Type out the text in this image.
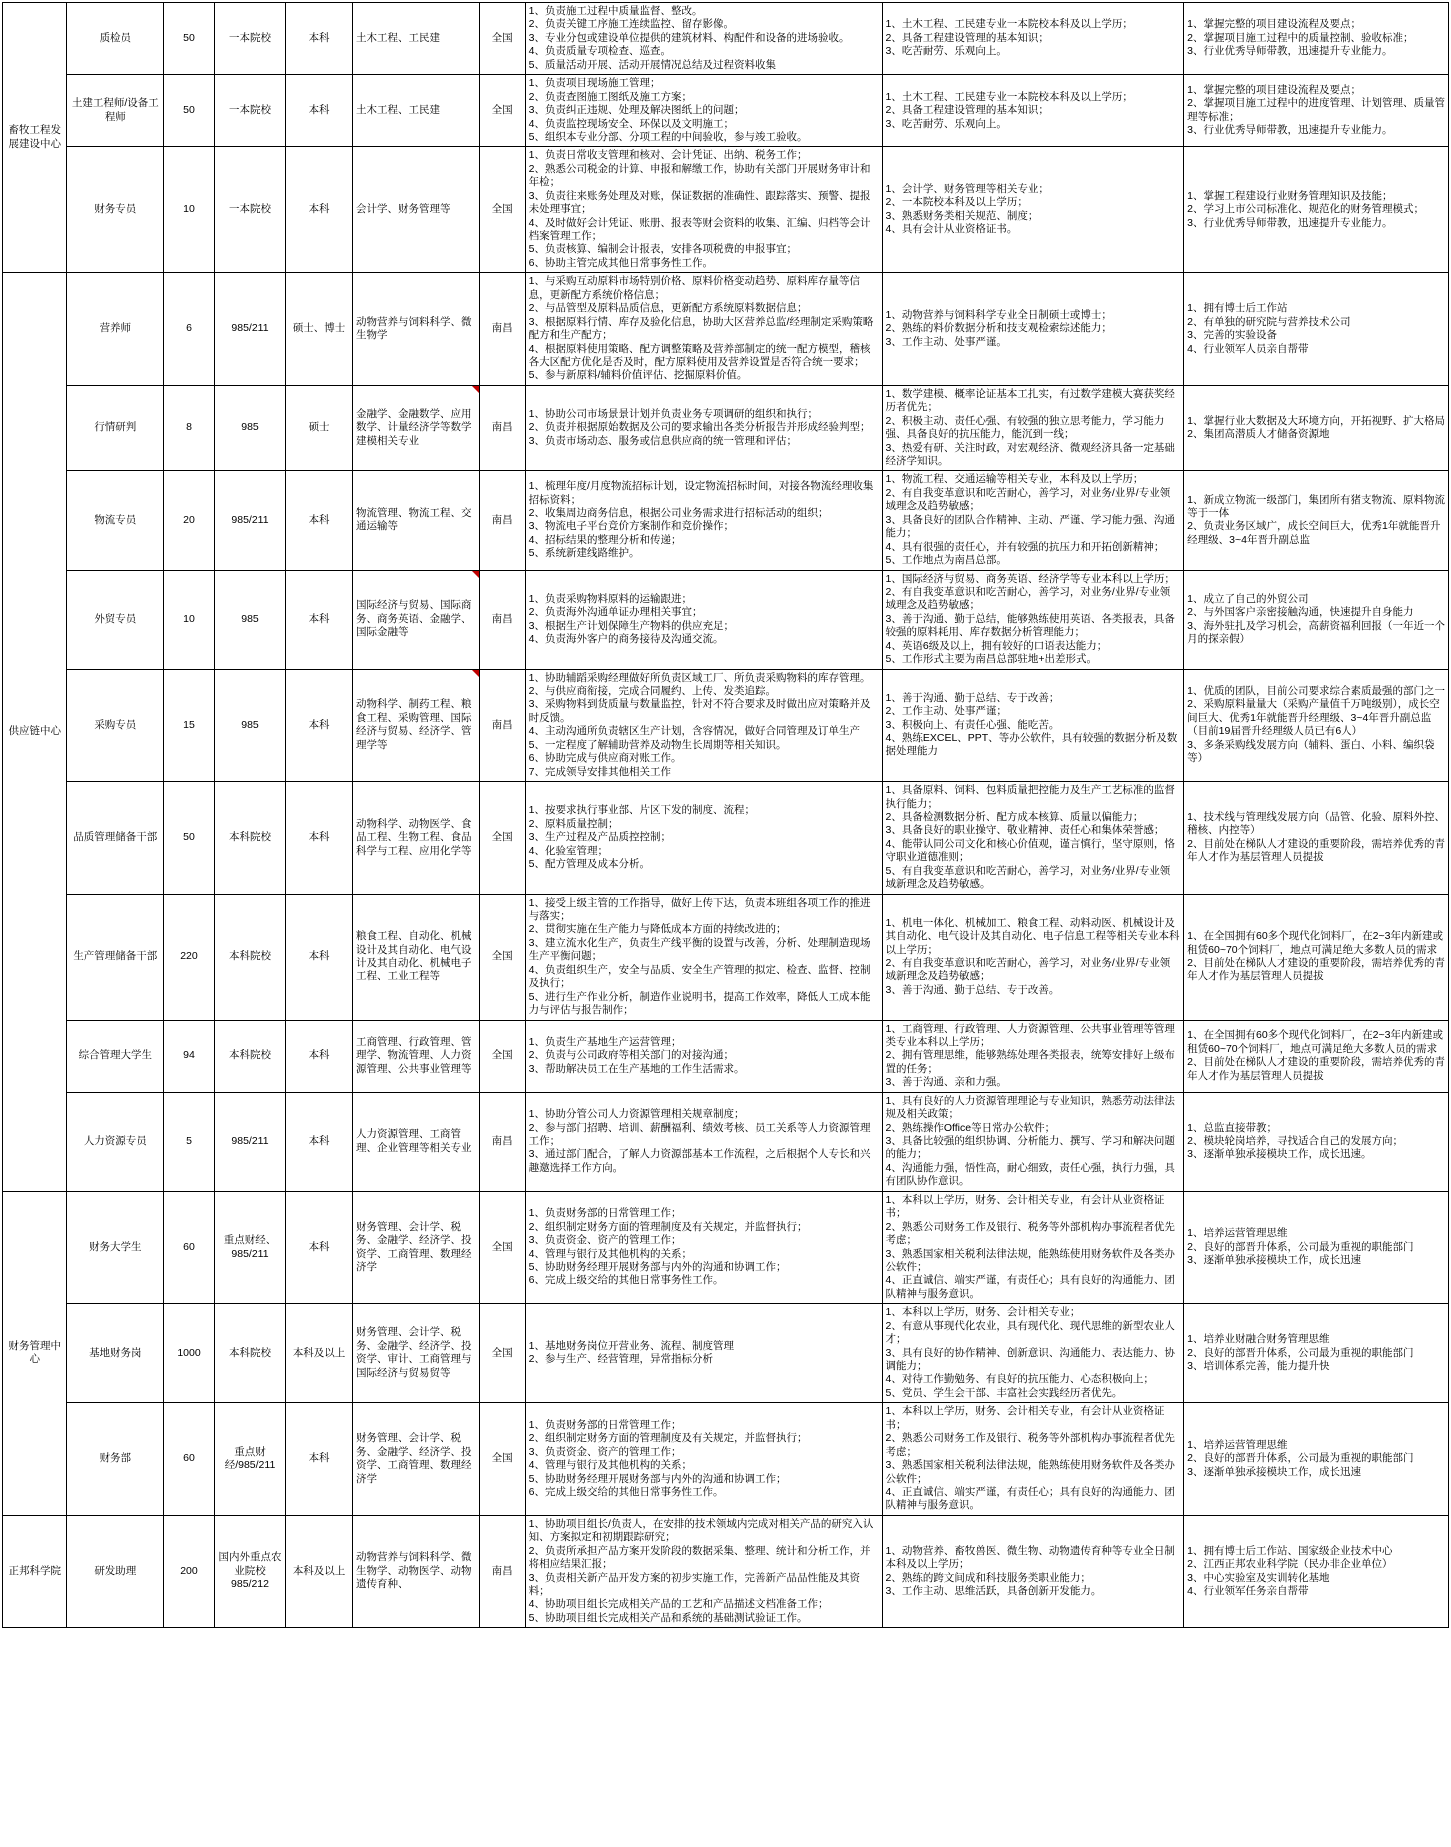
畜牧工程发展建设中心	质检员	50	一本院校	本科	土木工程、工民建	全国	1、负责施工过程中质量监督、整改。
2、负责关键工序施工连续监控、留存影像。
3、专业分包或建设单位提供的建筑材料、构配件和设备的进场验收。
4、负责质量专项检查、巡查。
5、质量活动开展、活动开展情况总结及过程资料收集	1、土木工程、工民建专业一本院校本科及以上学历；
2、具备工程建设管理的基本知识；
3、吃苦耐劳、乐观向上。	1、掌握完整的项目建设流程及要点；
2、掌握项目施工过程中的质量控制、验收标准；
3、行业优秀导师带教，迅速提升专业能力。
	土建工程师/设备工程师	50	一本院校	本科	土木工程、工民建	全国	1、负责项目现场施工管理；
2、负责查图施工图纸及施工方案；
3、负责纠正违规、处理及解决图纸上的问题；
4、负责监控现场安全、环保以及文明施工；
5、组织本专业分部、分项工程的中间验收，参与竣工验收。	1、土木工程、工民建专业一本院校本科及以上学历；
2、具备工程建设管理的基本知识；
3、吃苦耐劳、乐观向上。	1、掌握完整的项目建设流程及要点；
2、掌握项目施工过程中的进度管理、计划管理、质量管理等标准；
3、行业优秀导师带教，迅速提升专业能力。
财务专员	10	一本院校	本科	会计学、财务管理等	全国	1、负责日常收支管理和核对、会计凭证、出纳、税务工作；
2、熟悉公司税金的计算、申报和解缴工作，协助有关部门开展财务审计和年检；
3、负责往来账务处理及对账，保证数据的准确性、跟踪落实、预警、提报未处理事宜；
4、及时做好会计凭证、账册、报表等财会资料的收集、汇编、归档等会计档案管理工作；
5、负责核算、编制会计报表，安排各项税费的申报事宜；
6、协助主管完成其他日常事务性工作。	1、会计学、财务管理等相关专业；
2、一本院校本科及以上学历；
3、熟悉财务类相关规范、制度；
4、具有会计从业资格证书。	1、掌握工程建设行业财务管理知识及技能；
2、学习上市公司标准化、规范化的财务管理模式；
3、行业优秀导师带教，迅速提升专业能力。
供应链中心	营养师	6	985/211	硕士、博士	动物营养与饲料科学、微生物学	南昌	1、与采购互动原料市场特别价格、原料价格变动趋势、原料库存量等信息，更新配方系统价格信息；
2、与品管型及原料品质信息，更新配方系统原料数据信息；
3、根据原料行情、库存及验化信息，协助大区营养总监/经理制定采购策略配方和生产配方；
4、根据原料使用策略、配方调整策略及营养部制定的统一配方模型，稽核各大区配方优化是否及时，配方原料使用及营养设置是否符合统一要求；
5、参与新原料/辅料价值评估、挖掘原料价值。	1、动物营养与饲料科学专业全日制硕士或博士；
2、熟练的料价数据分析和技支观检索综述能力；
3、工作主动、处事严谨。	1、拥有博士后工作站
2、有单独的研究院与营养技术公司
3、完善的实验设备
4、行业领军人员亲自帮带
	行情研判	8	985	硕士	金融学、金融数学、应用数学、计量经济学等数学建模相关专业	南昌	1、协助公司市场景景计划并负责业务专项调研的组织和执行；
2、负责并根据原始数据及公司的要求输出各类分析报告并形成经验判型；
3、负责市场动态、服务或信息供应商的统一管理和评估；	1、数学建模、概率论证基本工扎实，有过数学建模大赛获奖经历者优先；
2、积极主动、责任心强、有较强的独立思考能力，学习能力强、具备良好的抗压能力，能沉到一线；
3、热爱有研、关注时政，对宏观经济、微观经济具备一定基础经济学知识。	1、掌握行业大数据及大环境方向，开拓视野、扩大格局
2、集团高潜质人才储备资源地
	物流专员	20	985/211	本科	物流管理、物流工程、交通运输等	南昌	1、梳理年度/月度物流招标计划，设定物流招标时间，对接各物流经理收集招标资料；
2、收集周边商务信息，根据公司业务需求进行招标活动的组织；
3、物流电子平台竞价方案制作和竞价操作；
4、招标结果的整理分析和传递；
5、系统新建线路维护。	1、物流工程、交通运输等相关专业，本科及以上学历；
2、有自我变革意识和吃苦耐心，善学习，对业务/业界/专业领域理念及趋势敏感；
3、具备良好的团队合作精神、主动、严谨、学习能力强、沟通能力；
4、具有很强的责任心，并有较强的抗压力和开拓创新精神；
5、工作地点为南昌总部。	1、新成立物流一级部门，集团所有猪支物流、原料物流等于一体
2、负责业务区域广，成长空间巨大，优秀1年就能晋升经理级、3~4年晋升副总监
	外贸专员	10	985	本科	国际经济与贸易、国际商务、商务英语、金融学、国际金融等	南昌	1、负责采购物料原料的运输跟进；
2、负责海外沟通单证办理相关事宜；
3、根据生产计划保障生产物料的供应充足；
4、负责海外客户的商务接待及沟通交流。	1、国际经济与贸易、商务英语、经济学等专业本科以上学历；
2、有自我变革意识和吃苦耐心，善学习，对业务/业界/专业领域理念及趋势敏感；
3、善于沟通、勤于总结，能够熟练使用英语、各类报表，具备较强的原料耗用、库存数据分析管理能力；
4、英语6级及以上，拥有较好的口语表达能力；
5、工作形式主要为南昌总部驻地+出差形式。	1、成立了自己的外贸公司
2、与外国客户亲密接触沟通，快速提升自身能力
3、海外驻扎及学习机会，高薪资福利回报（一年近一个月的探亲假）
采购专员	15	985	本科	动物科学、制药工程、粮食工程、采购管理、国际经济与贸易、经济学、管理学等	南昌	1、协助辅蹈采购经理做好所负责区域工厂、所负责采购物料的库存管理。
2、与供应商衔接，完成合同履约、上传、发类追踪。
3、采购物料到货质量与数量监控，针对不符合要求及时做出应对策略并及时反馈。
4、主动沟通所负责辖区生产计划，含容情况，做好合同管理及订单生产
5、一定程度了解辅助营养及动物生长周期等相关知识。
6、协助完成与供应商对账工作。
7、完成领导安排其他相关工作	1、善于沟通、勤于总结、专于改善；
2、工作主动、处事严谨；
3、积极向上、有责任心强、能吃苦。
4、熟练EXCEL、PPT、等办公软件，具有较强的数据分析及数据处理能力	1、优质的团队，目前公司要求综合素质最强的部门之一
2、采购原料量量大（采购产量值千万吨级别），成长空间巨大、优秀1年就能晋升经理级、3~4年晋升副总监（目前19届晋升经理级人员已有6人）
3、多条采购线发展方向（辅料、蛋白、小料、编织袋等）
	品质管理储备干部	50	本科院校	本科	动物科学、动物医学、食品工程、生物工程、食品科学与工程、应用化学等	全国	1、按要求执行事业部、片区下发的制度、流程；
2、原料质量控制；
3、生产过程及产品质控控制；
4、化验室管理；
5、配方管理及成本分析。	1、具备原料、饲料、包料质量把控能力及生产工艺标准的监督执行能力；
2、具备检测数据分析、配方成本核算、质量以偏能力；
3、具备良好的职业操守、敬业精神、责任心和集体荣誉感；
4、能带认同公司文化和核心价值观，谨言慎行，坚守原则，恪守职业道德准则；
5、有自我变革意识和吃苦耐心，善学习，对业务/业界/专业领域新理念及趋势敏感。	1、技术线与管理线发展方向（品管、化验、原料外控、稽核、内控等）
2、目前处在梯队人才建设的重要阶段，需培养优秀的青年人才作为基层管理人员提拔
	生产管理储备干部	220	本科院校	本科	粮食工程、自动化、机械设计及其自动化、电气设计及其自动化、机械电子工程、工业工程等	全国	1、接受上级主管的工作指导，做好上传下达，负责本班组各项工作的推进与落实；
2、贯彻实施在生产能力与降低成本方面的持续改进的；
3、建立流水化生产，负责生产线平衡的设置与改善，分析、处理制造现场生产平衡问题；
4、负责组织生产，安全与品质、安全生产管理的拟定、检查、监督、控制及执行；
5、进行生产作业分析，制造作业说明书，提高工作效率，降低人工成本能力与评估与报告制作；	1、机电一体化、机械加工、粮食工程、动料动医、机械设计及其自动化、电气设计及其自动化、电子信息工程等相关专业本科以上学历；
2、有自我变革意识和吃苦耐心，善学习，对业务/业界/专业领域新理念及趋势敏感；
3、善于沟通、勤于总结、专于改善。	1、在全国拥有60多个现代化饲料厂，在2~3年内新建或租赁60~70个饲料厂，地点可满足绝大多数人员的需求
2、目前处在梯队人才建设的重要阶段，需培养优秀的青年人才作为基层管理人员提拔
	综合管理大学生	94	本科院校	本科	工商管理、行政管理、管理学、物流管理、人力资源管理、公共事业管理等	全国	1、负责生产基地生产运营管理；
2、负责与公司政府等相关部门的对接沟通；
3、帮助解决员工在生产基地的工作生活需求。	1、工商管理、行政管理、人力资源管理、公共事业管理等管理类专业本科以上学历；
2、拥有管理思维，能够熟练处理各类报表，统筹安排好上级布置的任务；
3、善于沟通、亲和力强。	1、在全国拥有60多个现代化饲料厂，在2~3年内新建或租赁60~70个饲料厂，地点可满足绝大多数人员的需求
2、目前处在梯队人才建设的重要阶段，需培养优秀的青年人才作为基层管理人员提拔
	人力资源专员	5	985/211	本科	人力资源管理、工商管理、企业管理等相关专业	南昌	1、协助分管公司人力资源管理相关规章制度；
2、参与部门招聘、培训、薪酬福利、绩效考核、员工关系等人力资源管理工作；
3、通过部门配合，了解人力资源部基本工作流程，之后根据个人专长和兴趣邀选择工作方向。	1、具有良好的人力资源管理理论与专业知识，熟悉劳动法律法规及相关政策；
2、熟练操作Office等日常办公软件；
3、具备比较强的组织协调、分析能力、撰写、学习和解决问题的能力；
4、沟通能力强，悟性高，耐心细致，责任心强，执行力强，具有团队协作意识。	1、总监直接带教；
2、模块轮岗培养，寻找适合自己的发展方向；
3、逐渐单独承接模块工作，成长迅速。
财务管理中心	财务大学生	60	重点财经、985/211	本科	财务管理、会计学、税务、金融学、经济学、投资学、工商管理、数理经济学	全国	1、负责财务部的日常管理工作；
2、组织制定财务方面的管理制度及有关规定，并监督执行；
3、负责资金、资产的管理工作；
4、管理与银行及其他机构的关系；
5、协助财务经理开展财务部与内外的沟通和协调工作；
6、完成上级交给的其他日常事务性工作。	1、本科以上学历，财务、会计相关专业，有会计从业资格证书；
2、熟悉公司财务工作及银行、税务等外部机构办事流程者优先考虑；
3、熟悉国家相关税利法律法规，能熟练使用财务软件及各类办公软件；
4、正直诚信、端实严谨，有责任心；具有良好的沟通能力、团队精神与服务意识。	1、培养运营管理思维
2、良好的部晋升体系，公司最为重视的职能部门
3、逐渐单独承接模块工作，成长迅速
	基地财务岗	1000	本科院校	本科及以上	财务管理、会计学、税务、金融学、经济学、投资学、审计、工商管理与国际经济与贸易贸等	全国	1、基地财务岗位开营业务、流程、制度管理
2、参与生产、经营管理，异常指标分析	1、本科以上学历，财务、会计相关专业；
2、有意从事现代化农业，具有现代化、现代思维的新型农业人才；
3、具有良好的协作精神、创新意识、沟通能力、表达能力、协调能力；
4、对待工作勤勉务、有良好的抗压能力、心态积极向上；
5、党员、学生会干部、丰富社会实践经历者优先。	1、培养业财融合财务管理思维
2、良好的部晋升体系，公司最为重视的职能部门
3、培训体系完善，能力提升快
财务部	60	重点财经/985/211	本科	财务管理、会计学、税务、金融学、经济学、投资学、工商管理、数理经济学	全国	1、负责财务部的日常管理工作；
2、组织制定财务方面的管理制度及有关规定，并监督执行；
3、负责资金、资产的管理工作；
4、管理与银行及其他机构的关系；
5、协助财务经理开展财务部与内外的沟通和协调工作；
6、完成上级交给的其他日常事务性工作。	1、本科以上学历，财务、会计相关专业，有会计从业资格证书；
2、熟悉公司财务工作及银行、税务等外部机构办事流程者优先考虑；
3、熟悉国家相关税利法律法规，能熟练使用财务软件及各类办公软件；
4、正直诚信、端实严谨，有责任心；具有良好的沟通能力、团队精神与服务意识。	1、培养运营管理思维
2、良好的部晋升体系，公司最为重视的职能部门
3、逐渐单独承接模块工作，成长迅速
正邦科学院	研发助理	200	国内外重点农业院校985/212	本科及以上	动物营养与饲料科学、微生物学、动物医学、动物遗传育种、	南昌	1、协助项目组长/负责人，在安排的技术领域内完成对相关产品的研究入认知、方案拟定和初期跟踪研究；
2、负责所承担产品方案开发阶段的数据采集、整理、统计和分析工作，并将相应结果汇报；
3、负责相关新产品开发方案的初步实施工作，完善新产品品性能及其资料；
4、协助项目组长完成相关产品的工艺和产品描述文档准备工作；
5、协助项目组长完成相关产品和系统的基础测试验证工作。	1、动物营养、畜牧兽医、微生物、动物遗传育种等专业全日制本科及以上学历；
2、熟练的跨文间成和科技服务类职业能力；
3、工作主动、思维活跃，具备创新开发能力。	1、拥有博士后工作站、国家级企业技术中心
2、江西正邦农业科学院（民办非企业单位）
3、中心实验室及实训转化基地
4、行业领军任务亲自帮带
